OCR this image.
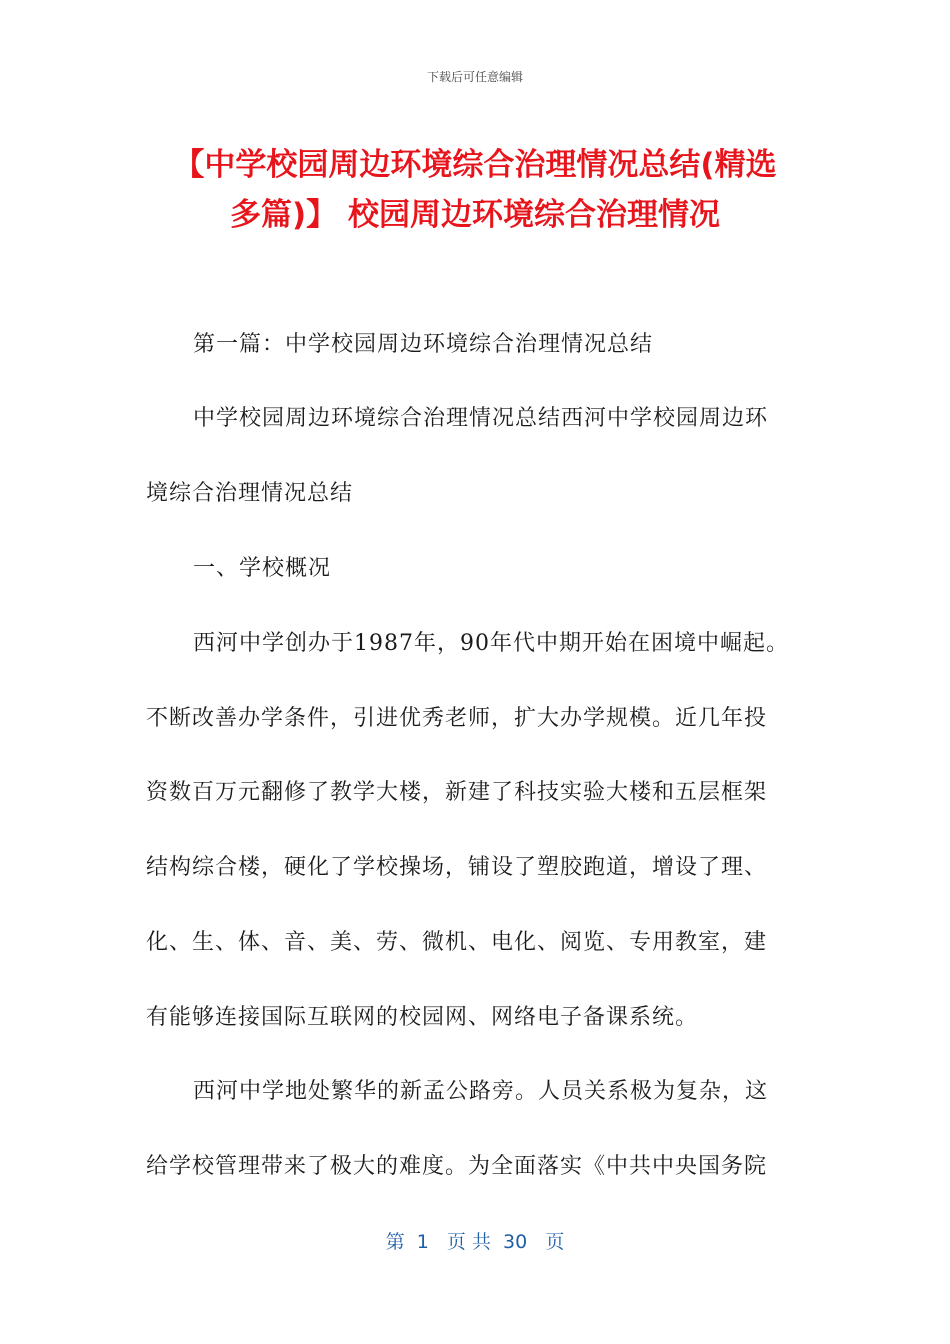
下载后可任意编辑
【中学校园周边环境综合治理情况总结(精选
多篇)】 校园周边环境综合治理情况
第一篇：中学校园周边环境综合治理情况总结
中学校园周边环境综合治理情况总结西河中学校园周边环
境综合治理情况总结
一、学校概况
西河中学创办于1987年，90年代中期开始在困境中崛起。
不断改善办学条件，引进优秀老师，扩大办学规模。近几年投
资数百万元翻修了教学大楼，新建了科技实验大楼和五层框架
结构综合楼，硬化了学校操场，铺设了塑胶跑道，增设了理、
化、生、体、音、美、劳、微机、电化、阅览、专用教室，建
有能够连接国际互联网的校园网、网络电子备课系统。
西河中学地处繁华的新孟公路旁。人员关系极为复杂，这
给学校管理带来了极大的难度。为全面落实《中共中央国务院
第  1   页 共  30   页
